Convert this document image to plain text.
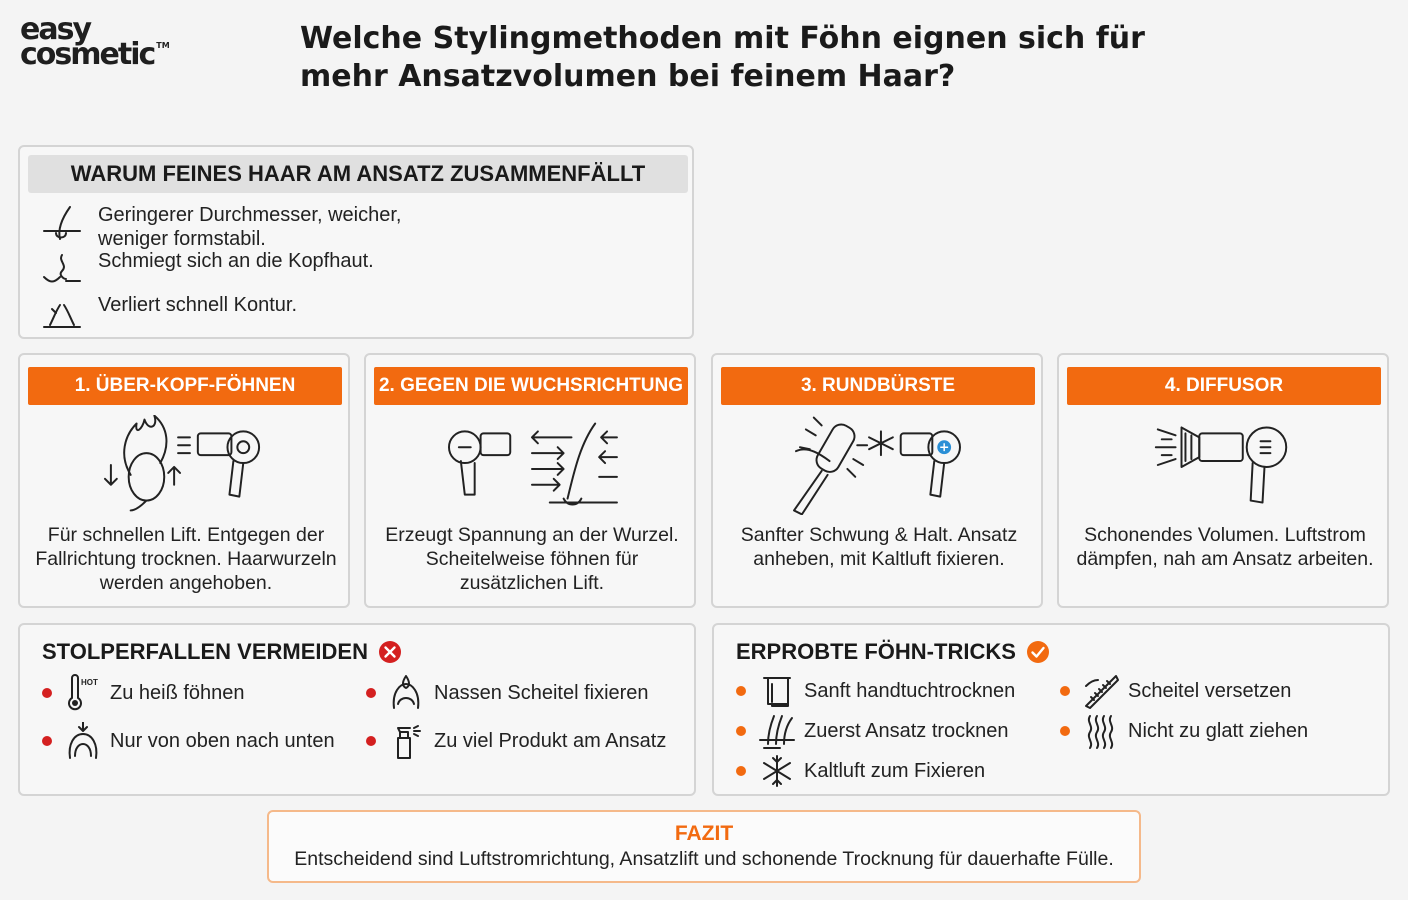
easy
cosmetic ™	Welche Stylingmethoden mit Föhn eignen sich für mehr Ansatzvolumen bei feinem Haar?
WARUM FEINES HAAR AM ANSATZ ZUSAMMENFÄLLT
Geringerer Durchmesser, weicher, weniger formstabil.
Schmiegt sich an die Kopfhaut.
Verliert schnell Kontur.
1. ÜBER-KOPF-FÖHNEN
Für schnellen Lift. Entgegen der Fallrichtung trocknen. Haarwurzeln werden angehoben.
2. GEGEN DIE WUCHSRICHTUNG
Erzeugt Spannung an der Wurzel. Scheitelweise föhnen für zusätzlichen Lift.
3. RUNDBÜRSTE
Sanfter Schwung & Halt. Ansatz anheben, mit Kaltluft fixieren.
4. DIFFUSOR
Schonendes Volumen. Luftstrom dämpfen, nah am Ansatz arbeiten.
STOLPERFALLEN VERMEIDEN
HOT Zu heiß föhnen	Nassen Scheitel fixieren
Nur von oben nach unten	Zu viel Produkt am Ansatz
ERPROBTE FÖHN-TRICKS
Sanft handtuchtrocknen	Scheitel versetzen
Zuerst Ansatz trocknen	Nicht zu glatt ziehen
Kaltluft zum Fixieren
FAZIT
Entscheidend sind Luftstromrichtung, Ansatzlift und schonende Trocknung für dauerhafte Fülle.
